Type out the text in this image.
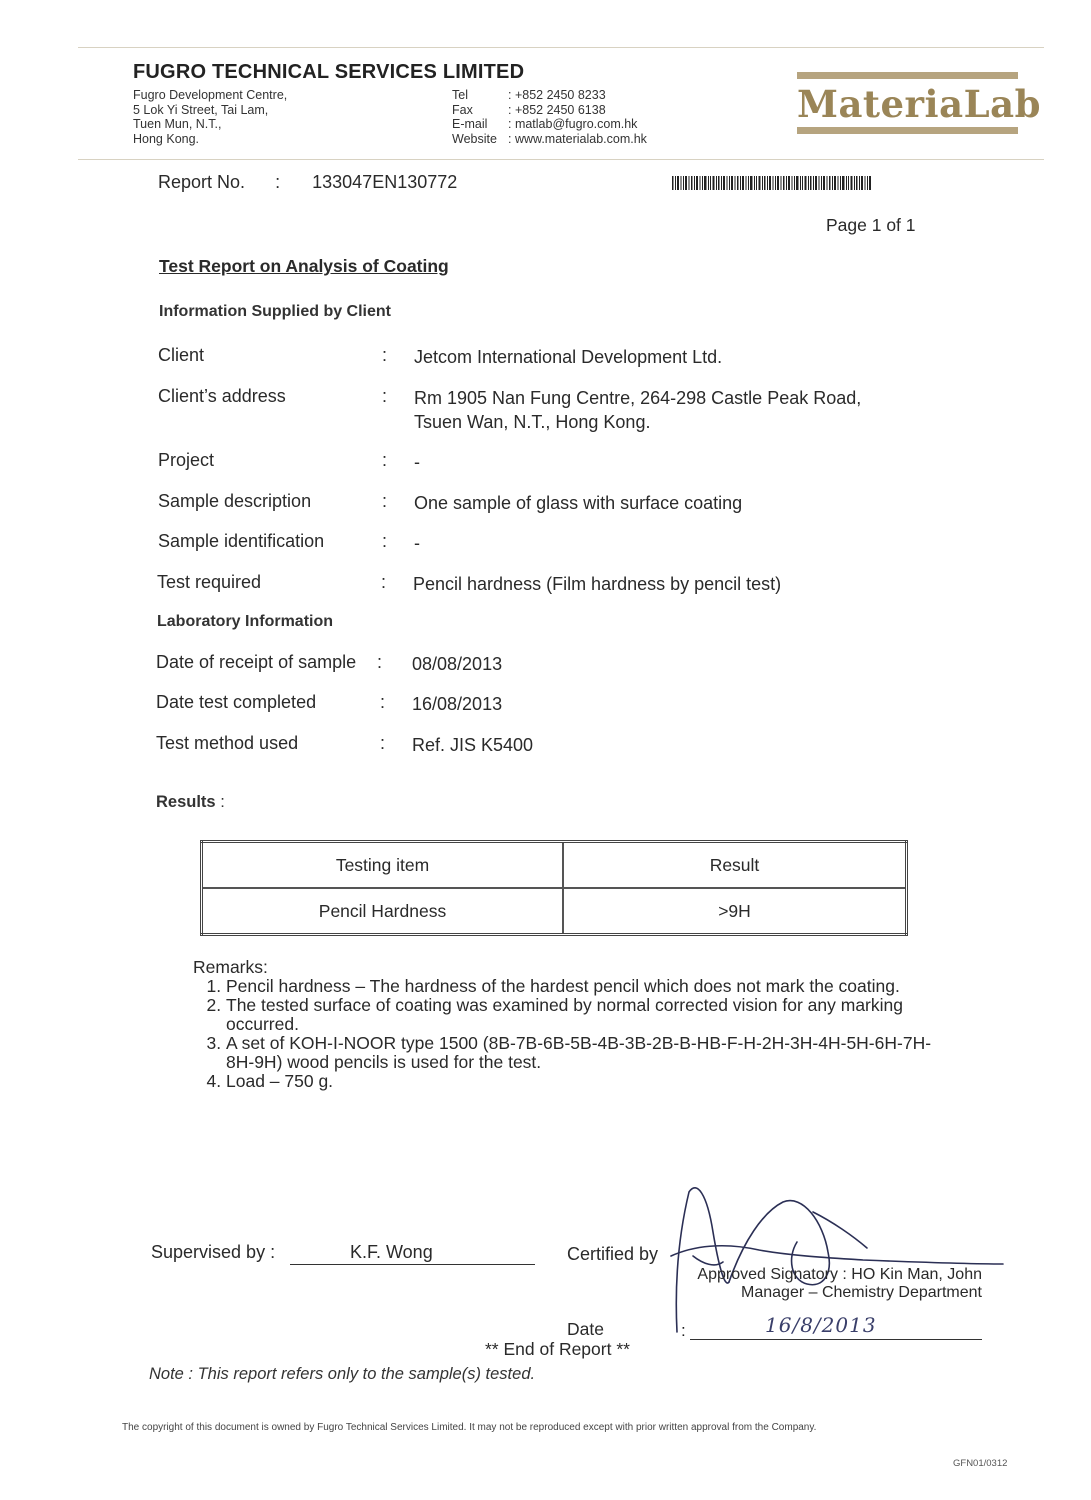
FUGRO TECHNICAL SERVICES LIMITED
Fugro Development Centre,
5 Lok Yi Street, Tai Lam,
Tuen Mun, N.T.,
Hong Kong.
Tel	: +852 2450 8233
Fax	: +852 2450 6138
E-mail	: matlab@fugro.com.hk
Website : www.materialab.com.hk
MateriaLab
Report No. : 133047EN130772
Page 1 of 1
Test Report on Analysis of Coating
Information Supplied by Client
Client	: Jetcom International Development Ltd.
Client’s address	: Rm 1905 Nan Fung Centre, 264-298 Castle Peak Road,
Tsuen Wan, N.T., Hong Kong.
Project	: -
Sample description	: One sample of glass with surface coating
Sample identification	: -
Test required	: Pencil hardness (Film hardness by pencil test)
Laboratory Information
Date of receipt of sample : 08/08/2013
Date test completed	: 16/08/2013
Test method used	: Ref. JIS K5400
Results :
Testing item	Result
Pencil Hardness	>9H
Remarks:
1. Pencil hardness – The hardness of the hardest pencil which does not mark the coating.
2. The tested surface of coating was examined by normal corrected vision for any marking occurred.
3. A set of KOH-I-NOOR type 1500 (8B-7B-6B-5B-4B-3B-2B-B-HB-F-H-2H-3H-4H-5H-6H-7H-8H-9H) wood pencils is used for the test.
4. Load – 750 g.
Supervised by :	K.F. Wong	Certified by
Approved Signatory : HO Kin Man, John
Manager – Chemistry Department
Date	:	16/8/2013
** End of Report **
Note : This report refers only to the sample(s) tested.
The copyright of this document is owned by Fugro Technical Services Limited. It may not be reproduced except with prior written approval from the Company.
GFN01/0312
